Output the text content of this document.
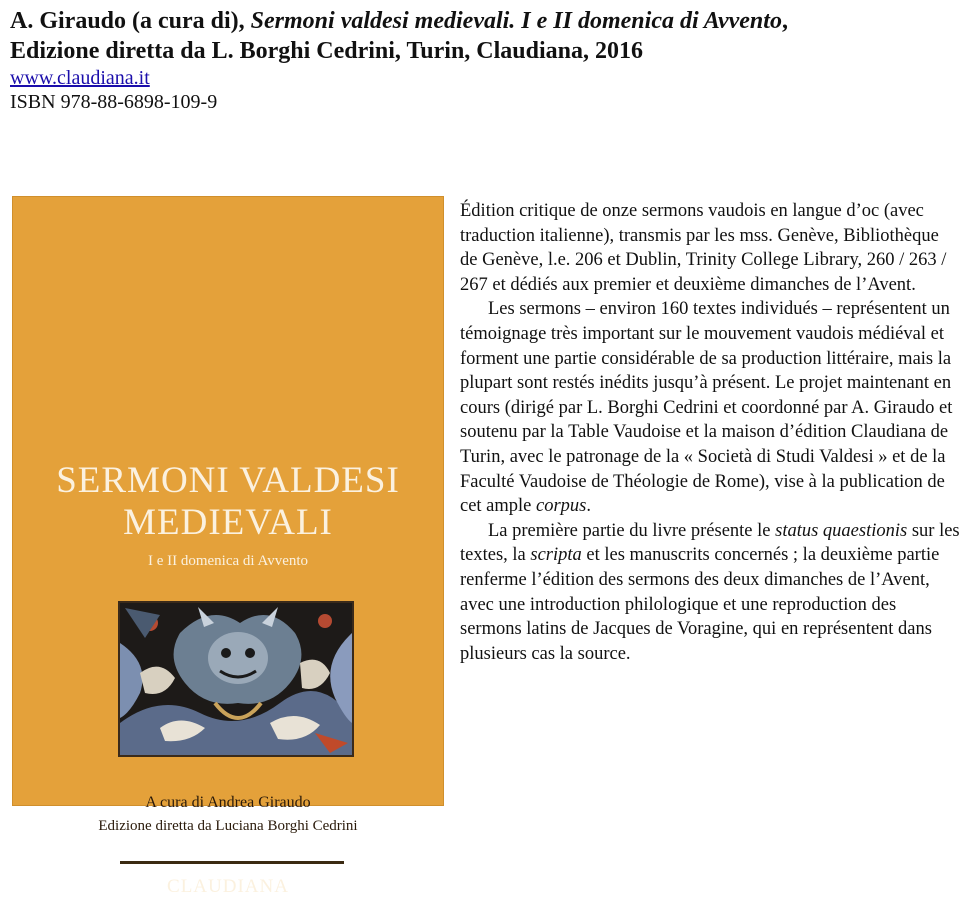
A. Giraudo (a cura di), Sermoni valdesi medievali. I e II domenica di Avvento,

Edizione diretta da L. Borghi Cedrini, Turin, Claudiana, 2016

www.claudiana.it
ISBN 978-88-6898-109-9
SERMONI VALDESI
MEDIEVALI
I e II domenica di Avvento
A cura di Andrea Giraudo
Edizione diretta da Luciana Borghi Cedrini
CLAUDIANA

Édition critique de onze sermons vaudois en langue d’oc (avec traduction italienne), transmis par les mss. Genève, Bibliothèque de Genève, l.e. 206 et Dublin, Trinity College Library, 260 / 263 / 267 et dédiés aux premier et deuxième dimanches de l’Avent.

Les sermons – environ 160 textes individués – représentent un témoignage très important sur le mouvement vaudois médiéval et forment une partie considérable de sa production littéraire, mais la plupart sont restés inédits jusqu’à présent. Le projet maintenant en cours (dirigé par L. Borghi Cedrini et coordonné par A. Giraudo et soutenu par la Table Vaudoise et la maison d’édition Claudiana de Turin, avec le patronage de la « Società di Studi Valdesi » et de la Faculté Vaudoise de Théologie de Rome), vise à la publication de cet ample corpus.

La première partie du livre présente le status quaestionis sur les textes, la scripta et les manuscrits concernés ; la deuxième partie renferme l’édition des sermons des deux dimanches de l’Avent, avec une introduction philologique et une reproduction des sermons latins de Jacques de Voragine, qui en représentent dans plusieurs cas la source.
